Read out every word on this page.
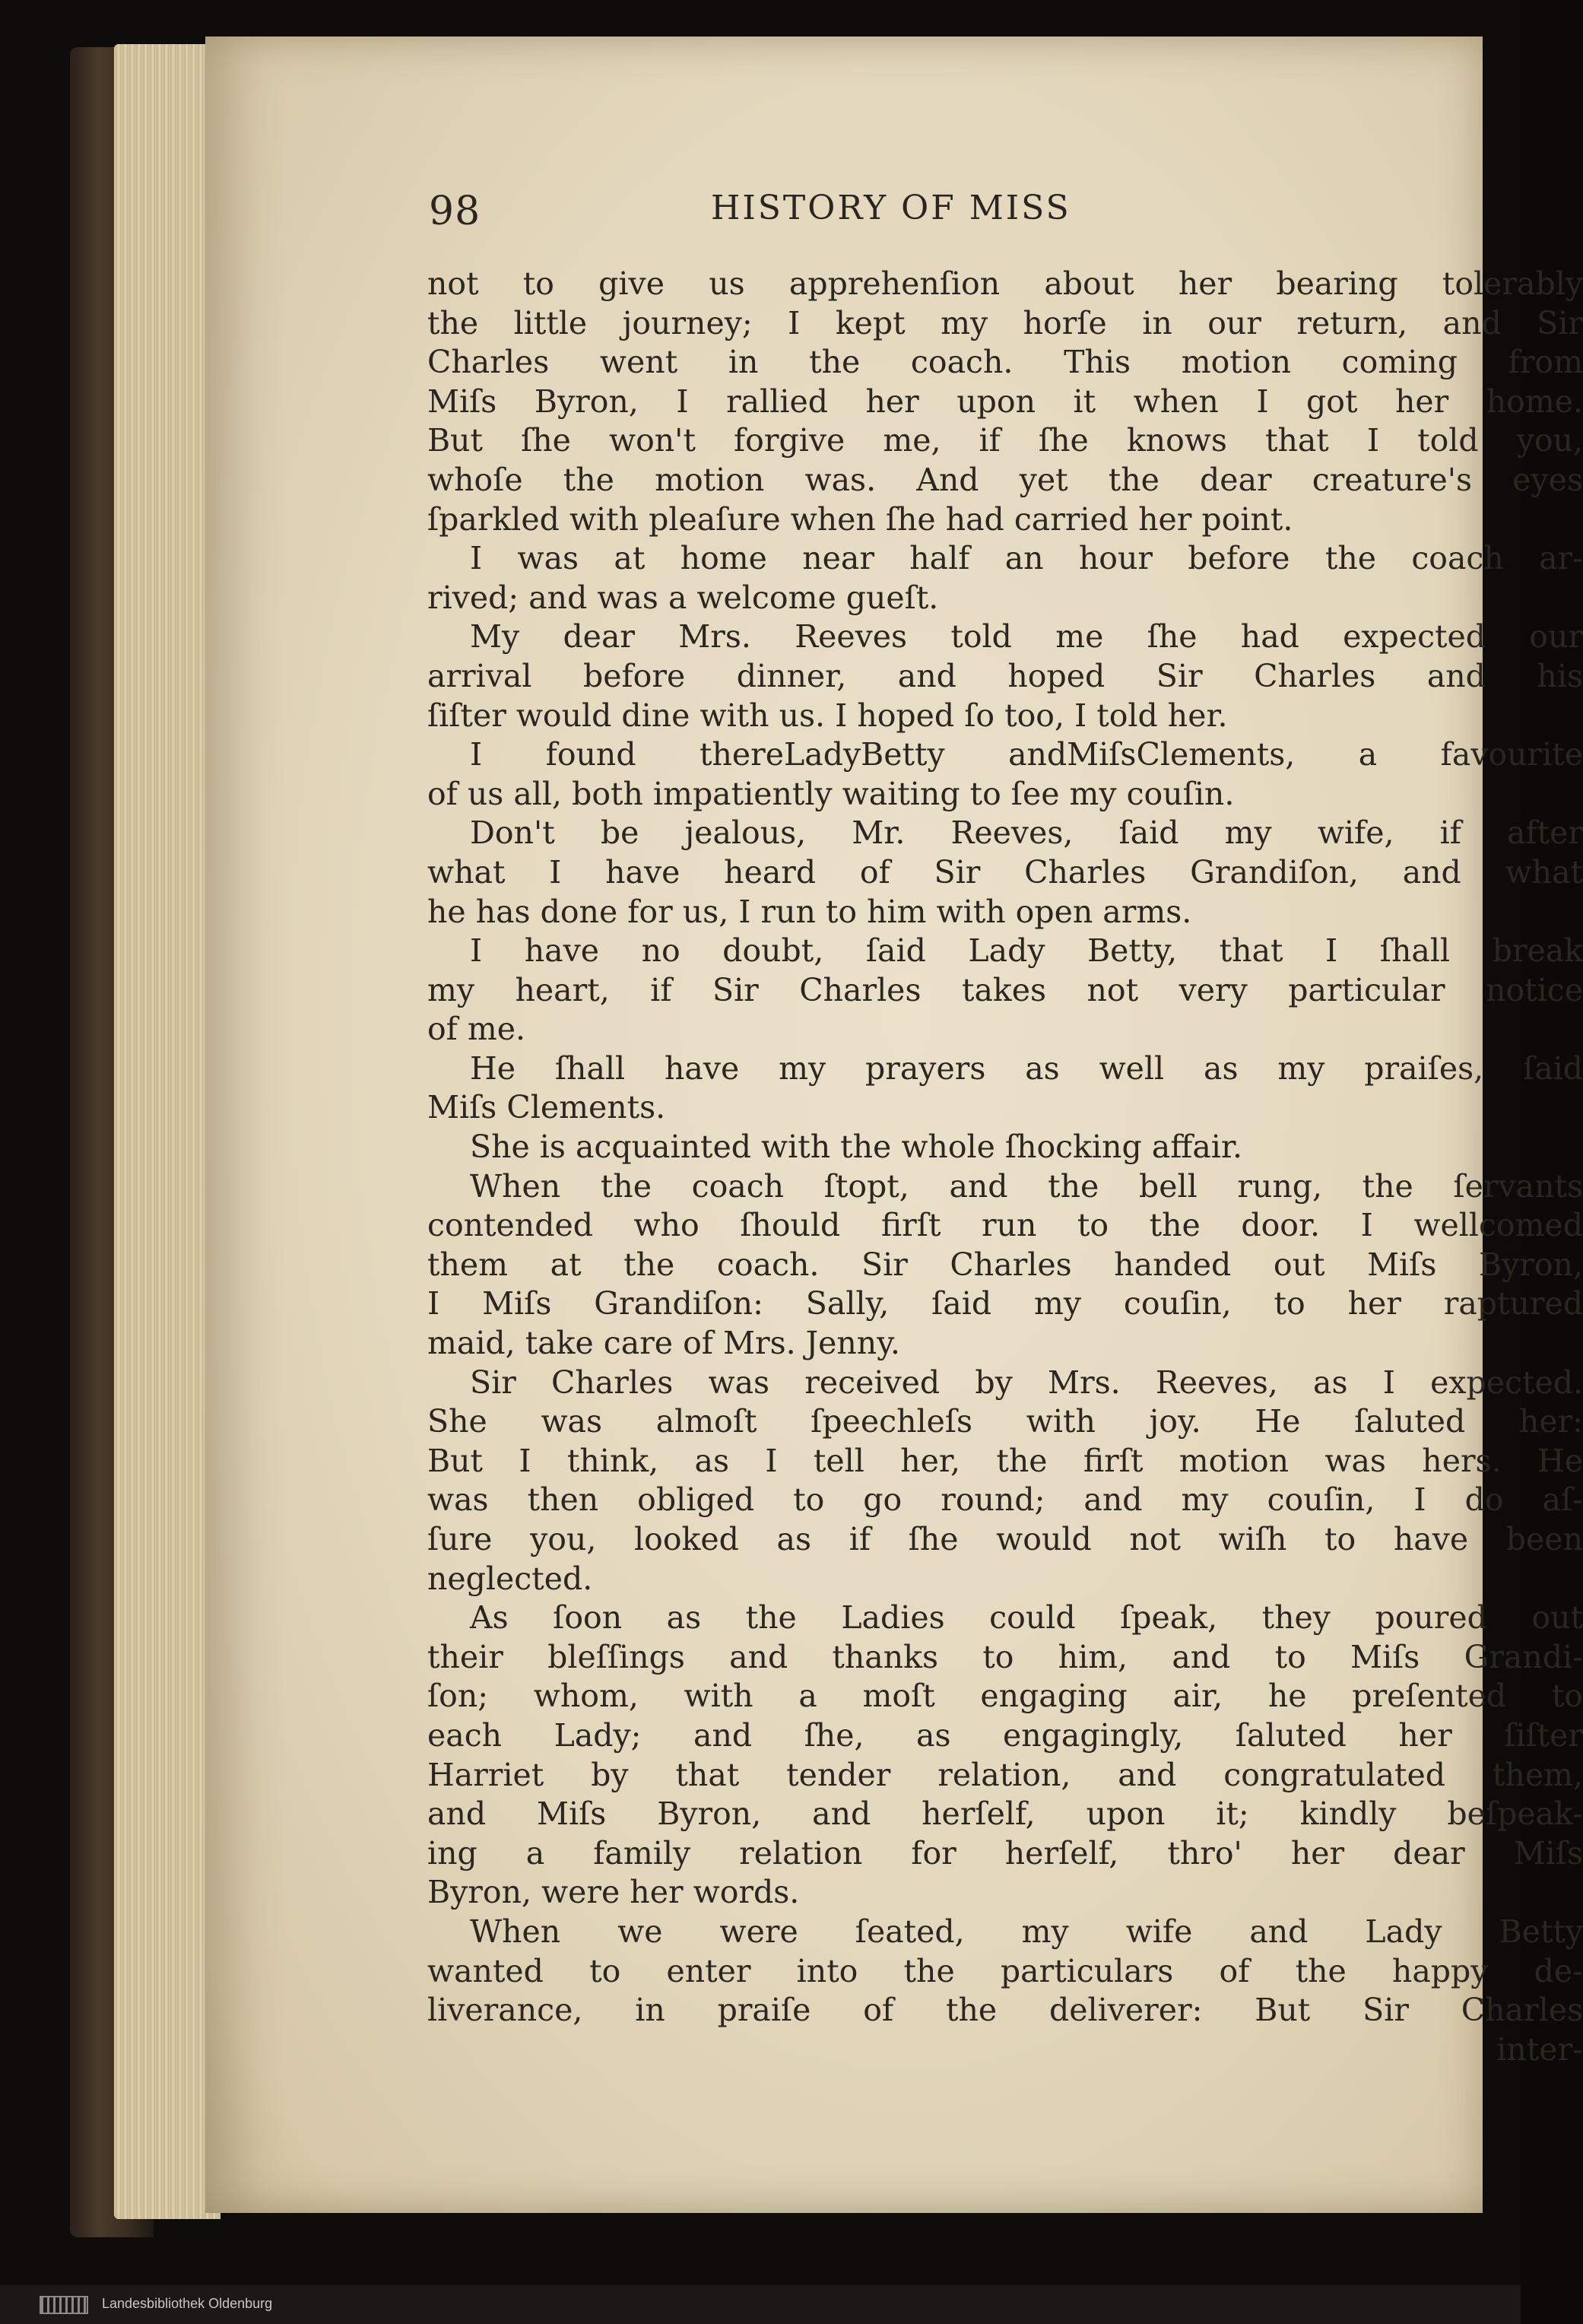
98	HISTORY OF MISS
not to give us apprehenſion about her bearing tolerably
the little journey; I kept my horſe in our return, and Sir
Charles went in the coach. This motion coming from
Miſs Byron, I rallied her upon it when I got her home.
But ſhe won't forgive me, if ſhe knows that I told you,
whoſe the motion was. And yet the dear creature's eyes
ſparkled with pleaſure when ſhe had carried her point.
I was at home near half an hour before the coach ar-
rived; and was a welcome gueſt.
My dear Mrs. Reeves told me ſhe had expected our
arrival before dinner, and hoped Sir Charles and his
ſiſter would dine with us. I hoped ſo too, I told her.
I found thereLadyBetty andMiſsClements, a favourite
of us all, both impatiently waiting to ſee my couſin.
Don't be jealous, Mr. Reeves, ſaid my wife, if after
what I have heard of Sir Charles Grandiſon, and what
he has done for us, I run to him with open arms.
I have no doubt, ſaid Lady Betty, that I ſhall break
my heart, if Sir Charles takes not very particular notice
of me.
He ſhall have my prayers as well as my praiſes, ſaid
Miſs Clements.
She is acquainted with the whole ſhocking affair.
When the coach ſtopt, and the bell rung, the ſervants
contended who ſhould firſt run to the door. I wellcomed
them at the coach. Sir Charles handed out Miſs Byron,
I Miſs Grandiſon: Sally, ſaid my couſin, to her raptured
maid, take care of Mrs. Jenny.
Sir Charles was received by Mrs. Reeves, as I expected.
She was almoſt ſpeechleſs with joy. He ſaluted her:
But I think, as I tell her, the firſt motion was hers. He
was then obliged to go round; and my couſin, I do aſ-
ſure you, looked as if ſhe would not wiſh to have been
neglected.
As ſoon as the Ladies could ſpeak, they poured out
their bleſſings and thanks to him, and to Miſs Grandi-
ſon; whom, with a moſt engaging air, he preſented to
each Lady; and ſhe, as engagingly, ſaluted her ſiſter
Harriet by that tender relation, and congratulated them,
and Miſs Byron, and herſelf, upon it; kindly beſpeak-
ing a family relation for herſelf, thro' her dear Miſs
Byron, were her words.
When we were ſeated, my wife and Lady Betty
wanted to enter into the particulars of the happy de-
liverance, in praiſe of the deliverer: But Sir Charles
inter-
Landesbibliothek Oldenburg
